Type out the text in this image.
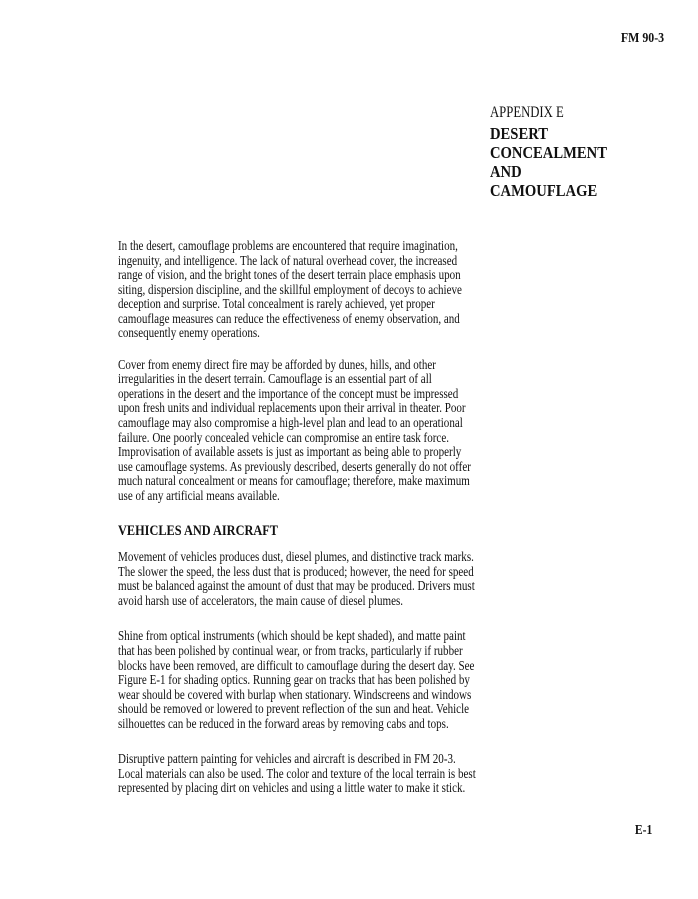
FM 90-3
APPENDIX E
DESERT
CONCEALMENT
AND
CAMOUFLAGE

In the desert, camouflage problems are encountered that require imagination,
ingenuity, and intelligence. The lack of natural overhead cover, the increased
range of vision, and the bright tones of the desert terrain place emphasis upon
siting, dispersion discipline, and the skillful employment of decoys to achieve
deception and surprise. Total concealment is rarely achieved, yet proper
camouflage measures can reduce the effectiveness of enemy observation, and
consequently enemy operations.

Cover from enemy direct fire may be afforded by dunes, hills, and other
irregularities in the desert terrain. Camouflage is an essential part of all
operations in the desert and the importance of the concept must be impressed
upon fresh units and individual replacements upon their arrival in theater. Poor
camouflage may also compromise a high-level plan and lead to an operational
failure. One poorly concealed vehicle can compromise an entire task force.
Improvisation of available assets is just as important as being able to properly
use camouflage systems. As previously described, deserts generally do not offer
much natural concealment or means for camouflage; therefore, make maximum
use of any artificial means available.

VEHICLES AND AIRCRAFT

Movement of vehicles produces dust, diesel plumes, and distinctive track marks.
The slower the speed, the less dust that is produced; however, the need for speed
must be balanced against the amount of dust that may be produced. Drivers must
avoid harsh use of accelerators, the main cause of diesel plumes.

Shine from optical instruments (which should be kept shaded), and matte paint
that has been polished by continual wear, or from tracks, particularly if rubber
blocks have been removed, are difficult to camouflage during the desert day. See
Figure E-1 for shading optics. Running gear on tracks that has been polished by
wear should be covered with burlap when stationary. Windscreens and windows
should be removed or lowered to prevent reflection of the sun and heat. Vehicle
silhouettes can be reduced in the forward areas by removing cabs and tops.

Disruptive pattern painting for vehicles and aircraft is described in FM 20-3.
Local materials can also be used. The color and texture of the local terrain is best
represented by placing dirt on vehicles and using a little water to make it stick.

E-1
